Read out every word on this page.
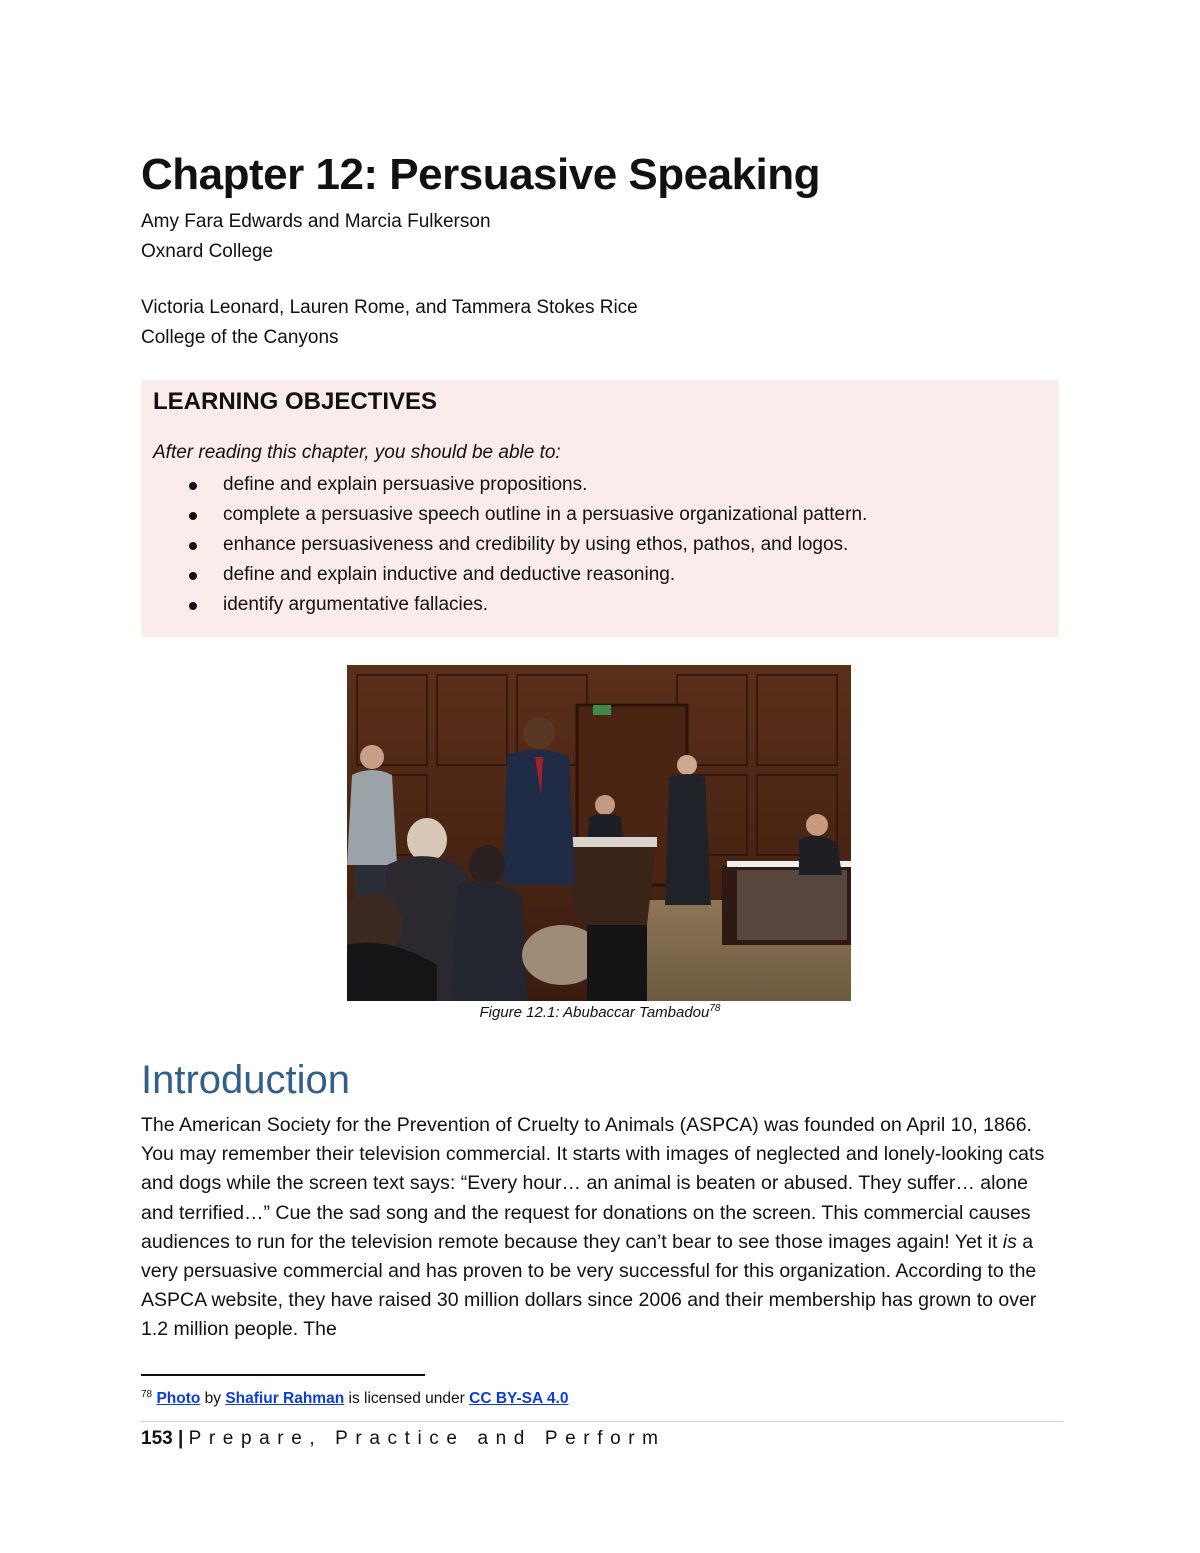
Chapter 12: Persuasive Speaking
Amy Fara Edwards and Marcia Fulkerson
Oxnard College
Victoria Leonard, Lauren Rome, and Tammera Stokes Rice
College of the Canyons
LEARNING OBJECTIVES
After reading this chapter, you should be able to:
define and explain persuasive propositions.
complete a persuasive speech outline in a persuasive organizational pattern.
enhance persuasiveness and credibility by using ethos, pathos, and logos.
define and explain inductive and deductive reasoning.
identify argumentative fallacies.
Figure 12.1: Abubaccar Tambadou$^{78}$
Introduction
The American Society for the Prevention of Cruelty to Animals (ASPCA) was founded on April 10, 1866. You may remember their television commercial. It starts with images of neglected and lonely-looking cats and dogs while the screen text says: “Every hour… an animal is beaten or abused. They suffer… alone and terrified…” Cue the sad song and the request for donations on the screen. This commercial causes audiences to run for the television remote because they can’t bear to see those images again! Yet it is a very persuasive commercial and has proven to be very successful for this organization. According to the ASPCA website, they have raised 30 million dollars since 2006 and their membership has grown to over 1.2 million people. The
$^{78}$ Photo by Shafiur Rahman is licensed under CC BY-SA 4.0
153 | Prepare, Practice and Perform
